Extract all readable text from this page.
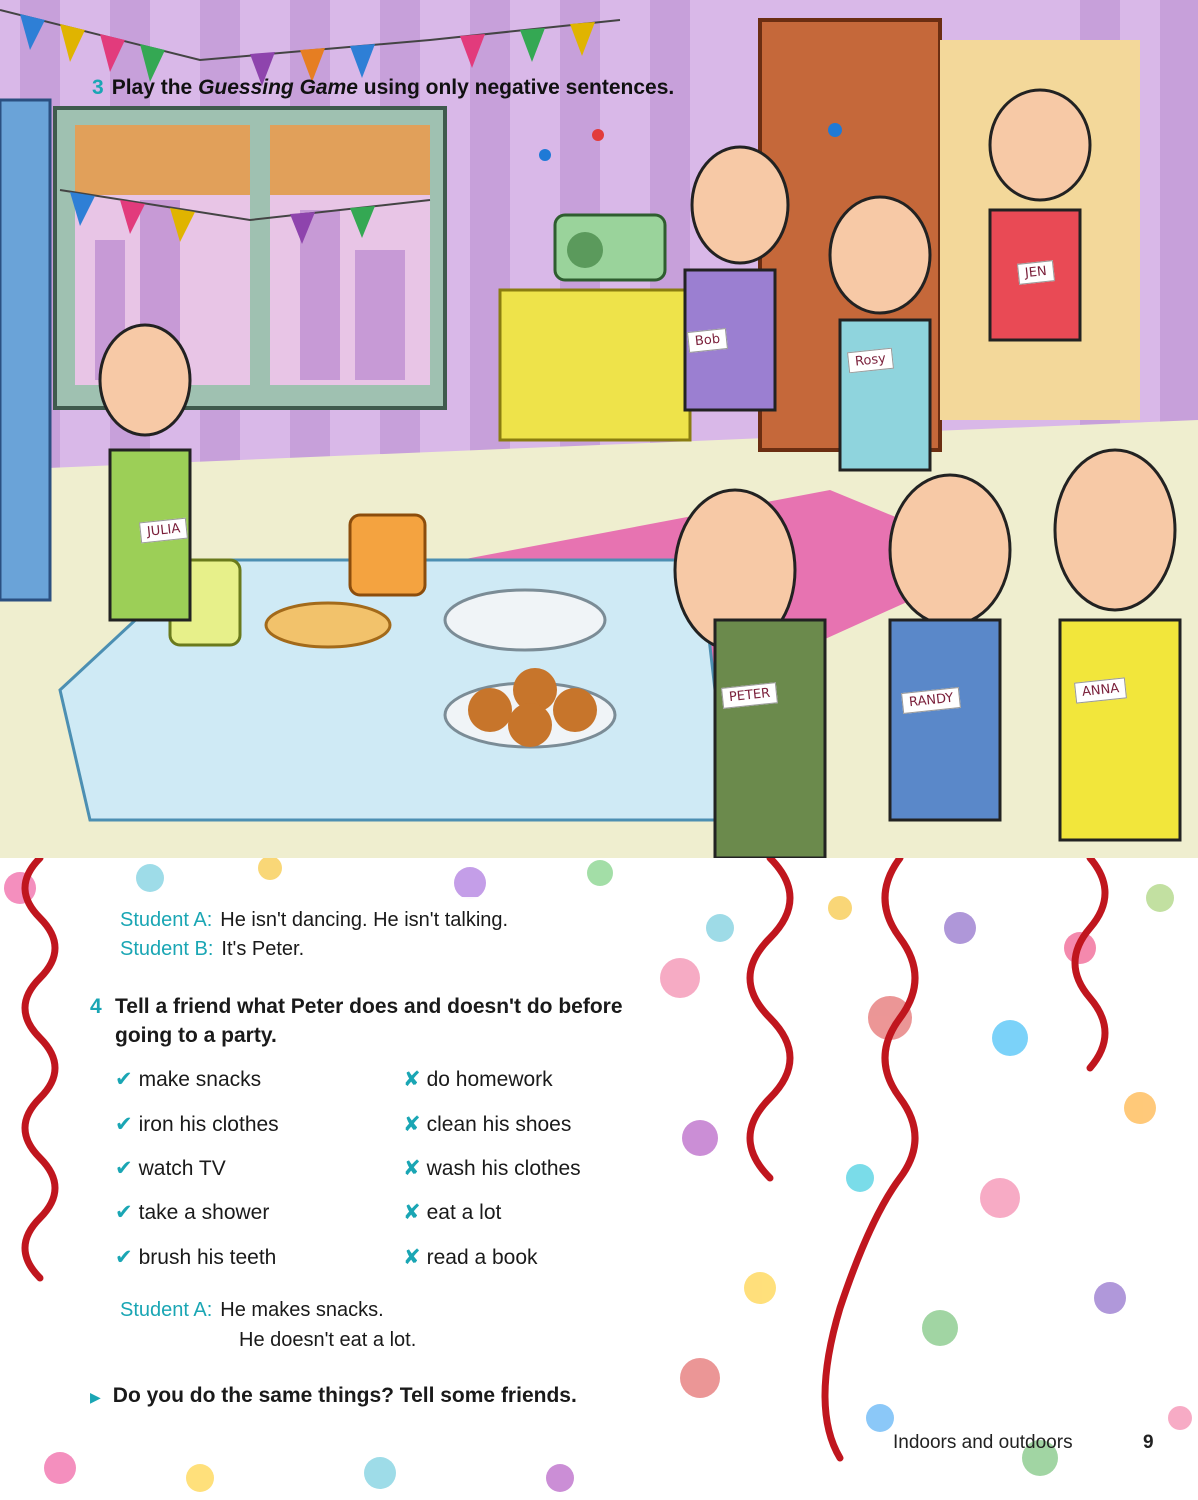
3 Play the Guessing Game using only negative sentences.
JULIA
Bob
Rosy
JEN
PETER	RANDY
ANNA
Student A: He isn't dancing. He isn't talking.
Student B: It's Peter.
4 Tell a friend what Peter does and doesn't do before going to a party.
✔ make snacks
✔ iron his clothes
✔ watch TV
✔ take a shower
✔ brush his teeth
✘ do homework
✘ clean his shoes
✘ wash his clothes
✘ eat a lot
✘ read a book
Student A: He makes snacks.
He doesn't eat a lot.
▶ Do you do the same things? Tell some friends.
Indoors and outdoors	9
